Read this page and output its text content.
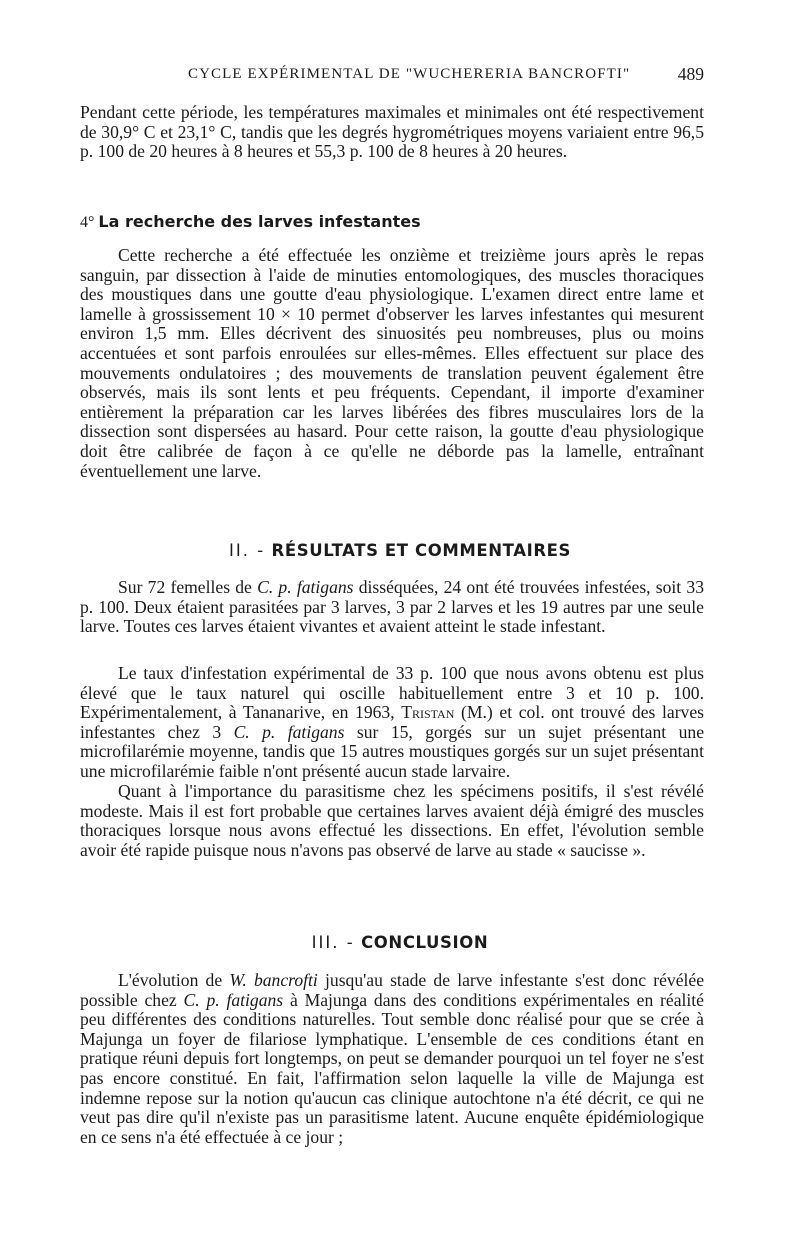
CYCLE EXPÉRIMENTAL DE "WUCHERERIA BANCROFTI"	489

Pendant cette période, les températures maximales et minimales ont été respectivement de 30,9° C et 23,1° C, tandis que les degrés hygrométriques moyens variaient entre 96,5 p. 100 de 20 heures à 8 heures et 55,3 p. 100 de 8 heures à 20 heures.

4° La recherche des larves infestantes

Cette recherche a été effectuée les onzième et treizième jours après le repas sanguin, par dissection à l'aide de minuties entomologiques, des muscles thoraciques des moustiques dans une goutte d'eau physiologique. L'examen direct entre lame et lamelle à grossissement 10 × 10 permet d'observer les larves infestantes qui mesurent environ 1,5 mm. Elles décrivent des sinuosités peu nombreuses, plus ou moins accentuées et sont parfois enroulées sur elles-mêmes. Elles effectuent sur place des mouvements ondulatoires ; des mouvements de translation peuvent également être observés, mais ils sont lents et peu fréquents. Cependant, il importe d'examiner entièrement la préparation car les larves libérées des fibres musculaires lors de la dissection sont dispersées au hasard. Pour cette raison, la goutte d'eau physiologique doit être calibrée de façon à ce qu'elle ne déborde pas la lamelle, entraînant éventuellement une larve.

II. - RÉSULTATS ET COMMENTAIRES

Sur 72 femelles de C. p. fatigans disséquées, 24 ont été trouvées infestées, soit 33 p. 100. Deux étaient parasitées par 3 larves, 3 par 2 larves et les 19 autres par une seule larve. Toutes ces larves étaient vivantes et avaient atteint le stade infestant.

Le taux d'infestation expérimental de 33 p. 100 que nous avons obtenu est plus élevé que le taux naturel qui oscille habituellement entre 3 et 10 p. 100. Expérimentalement, à Tananarive, en 1963, Tristan (M.) et col. ont trouvé des larves infestantes chez 3 C. p. fatigans sur 15, gorgés sur un sujet présentant une microfilarémie moyenne, tandis que 15 autres moustiques gorgés sur un sujet présentant une microfilarémie faible n'ont présenté aucun stade larvaire.

Quant à l'importance du parasitisme chez les spécimens positifs, il s'est révélé modeste. Mais il est fort probable que certaines larves avaient déjà émigré des muscles thoraciques lorsque nous avons effectué les dissections. En effet, l'évolution semble avoir été rapide puisque nous n'avons pas observé de larve au stade « saucisse ».

III. - CONCLUSION

L'évolution de W. bancrofti jusqu'au stade de larve infestante s'est donc révélée possible chez C. p. fatigans à Majunga dans des conditions expérimentales en réalité peu différentes des conditions naturelles. Tout semble donc réalisé pour que se crée à Majunga un foyer de filariose lymphatique. L'ensemble de ces conditions étant en pratique réuni depuis fort longtemps, on peut se demander pourquoi un tel foyer ne s'est pas encore constitué. En fait, l'affirmation selon laquelle la ville de Majunga est indemne repose sur la notion qu'aucun cas clinique autochtone n'a été décrit, ce qui ne veut pas dire qu'il n'existe pas un parasitisme latent. Aucune enquête épidémiologique en ce sens n'a été effectuée à ce jour ;
